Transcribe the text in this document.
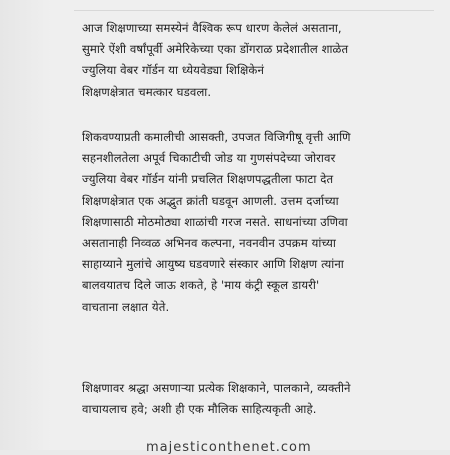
आज शिक्षणाच्या समस्येनं वैश्विक रूप धारण केलेलं असताना,
सुमारे ऐंशी वर्षांपूर्वी अमेरिकेच्या एका डोंगराळ प्रदेशातील शाळेत
ज्युलिया वेबर गॉर्डन या ध्येयवेड्या शिक्षिकेनं
शिक्षणक्षेत्रात चमत्कार घडवला.
शिकवण्याप्रती कमालीची आसक्ती, उपजत विजिगीषू वृत्ती आणि
सहनशीलतेला अपूर्व चिकाटीची जोड या गुणसंपदेच्या जोरावर
ज्युलिया वेबर गॉर्डन यांनी प्रचलित शिक्षणपद्धतीला फाटा देत
शिक्षणक्षेत्रात एक अद्भुत क्रांती घडवून आणली. उत्तम दर्जाच्या
शिक्षणासाठी मोठमोठ्या शाळांची गरज नसते. साधनांच्या उणिवा
असतानाही निव्वळ अभिनव कल्पना, नवनवीन उपक्रम यांच्या
साहाय्याने मुलांचे आयुष्य घडवणारे संस्कार आणि शिक्षण त्यांना
बालवयातच दिले जाऊ शकते, हे 'माय कंट्री स्कूल डायरी'
वाचताना लक्षात येते.
शिक्षणावर श्रद्धा असणाऱ्या प्रत्येक शिक्षकाने, पालकाने, व्यक्तीने
वाचायलाच हवे; अशी ही एक मौलिक साहित्यकृती आहे.
majesticonthenet.com
